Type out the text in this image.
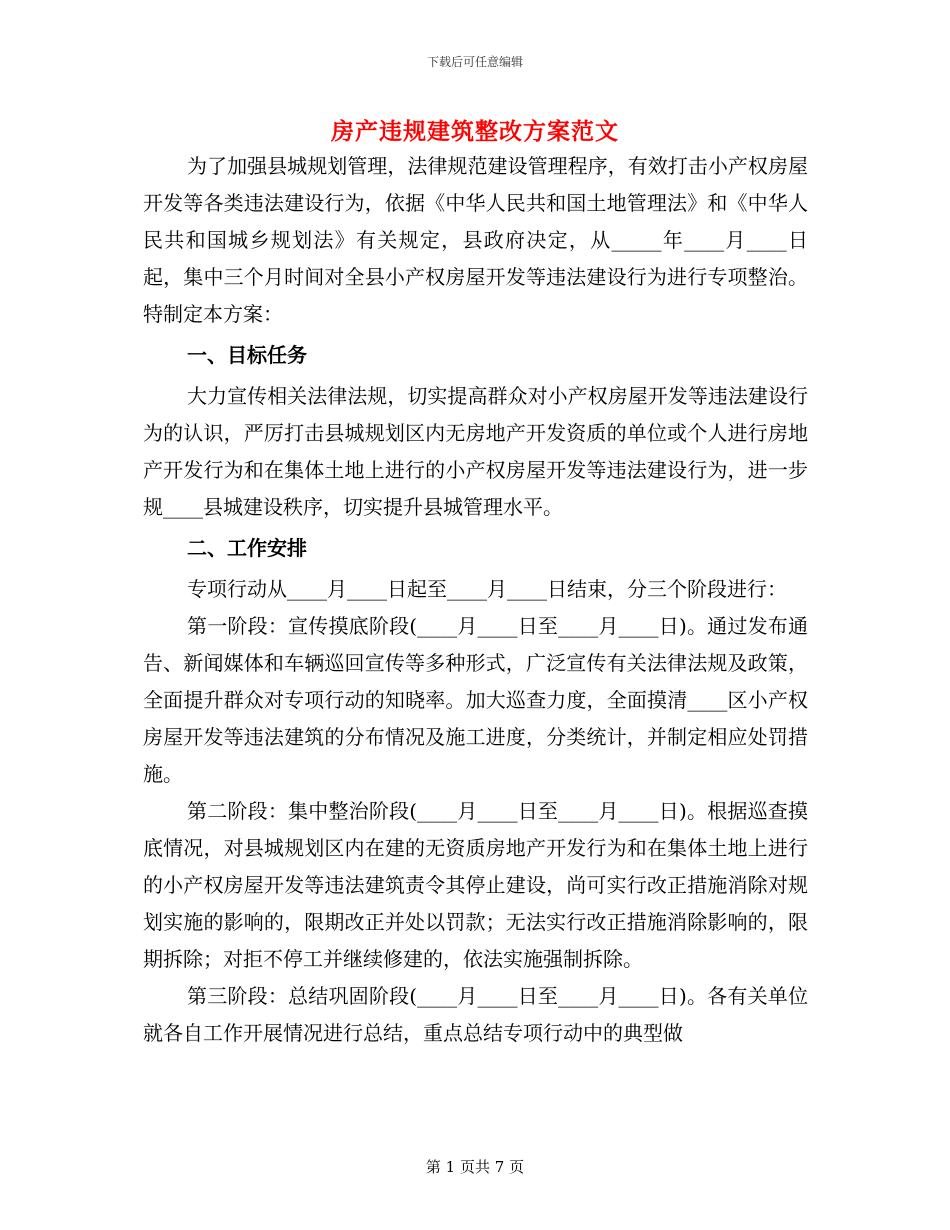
下载后可任意编辑
房产违规建筑整改方案范文

为了加强县城规划管理，法律规范建设管理程序，有效打击小产权房屋开发等各类违法建设行为，依据《中华人民共和国土地管理法》和《中华人民共和国城乡规划法》有关规定，县政府决定，从_____年____月____日起，集中三个月时间对全县小产权房屋开发等违法建设行为进行专项整治。特制定本方案：

一、目标任务

大力宣传相关法律法规，切实提高群众对小产权房屋开发等违法建设行为的认识，严厉打击县城规划区内无房地产开发资质的单位或个人进行房地产开发行为和在集体土地上进行的小产权房屋开发等违法建设行为，进一步规____县城建设秩序，切实提升县城管理水平。

二、工作安排

专项行动从____月____日起至____月____日结束，分三个阶段进行：

第一阶段：宣传摸底阶段(____月____日至____月____日)。通过发布通告、新闻媒体和车辆巡回宣传等多种形式，广泛宣传有关法律法规及政策，全面提升群众对专项行动的知晓率。加大巡查力度，全面摸清____区小产权房屋开发等违法建筑的分布情况及施工进度，分类统计，并制定相应处罚措施。

第二阶段：集中整治阶段(____月____日至____月____日)。根据巡查摸底情况，对县城规划区内在建的无资质房地产开发行为和在集体土地上进行的小产权房屋开发等违法建筑责令其停止建设，尚可实行改正措施消除对规划实施的影响的，限期改正并处以罚款；无法实行改正措施消除影响的，限期拆除；对拒不停工并继续修建的，依法实施强制拆除。

第三阶段：总结巩固阶段(____月____日至____月____日)。各有关单位就各自工作开展情况进行总结，重点总结专项行动中的典型做

第 1 页共 7 页
